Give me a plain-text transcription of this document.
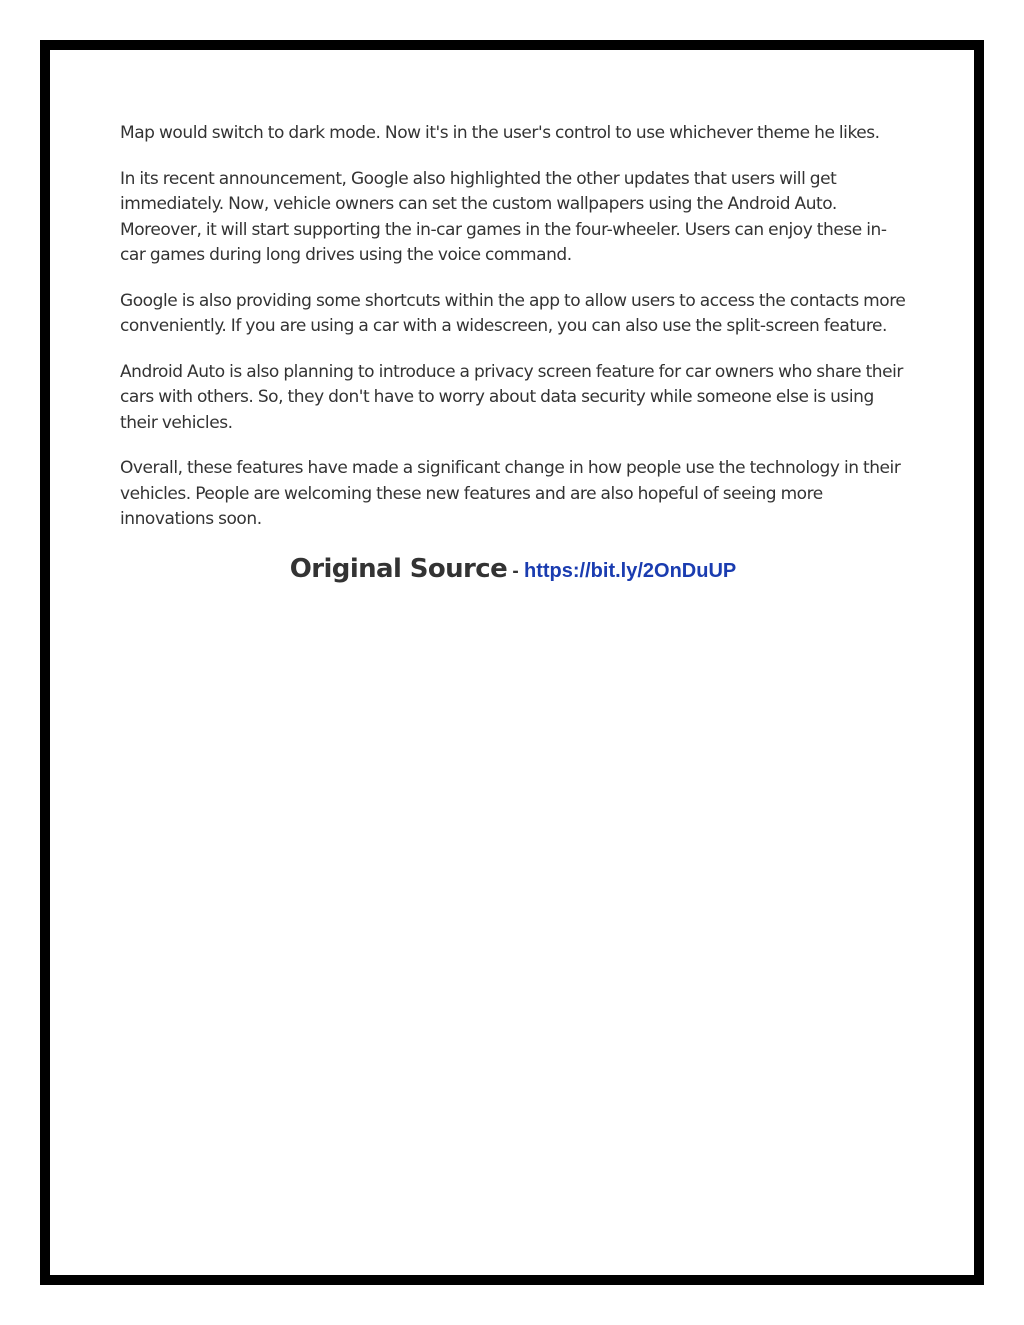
Map would switch to dark mode. Now it's in the user's control to use whichever theme he likes.

In its recent announcement, Google also highlighted the other updates that users will get immediately. Now, vehicle owners can set the custom wallpapers using the Android Auto. Moreover, it will start supporting the in-car games in the four-wheeler. Users can enjoy these in-car games during long drives using the voice command.

Google is also providing some shortcuts within the app to allow users to access the contacts more conveniently. If you are using a car with a widescreen, you can also use the split-screen feature.

Android Auto is also planning to introduce a privacy screen feature for car owners who share their cars with others. So, they don't have to worry about data security while someone else is using their vehicles.

Overall, these features have made a significant change in how people use the technology in their vehicles. People are welcoming these new features and are also hopeful of seeing more innovations soon.

Original Source - https://bit.ly/2OnDuUP
